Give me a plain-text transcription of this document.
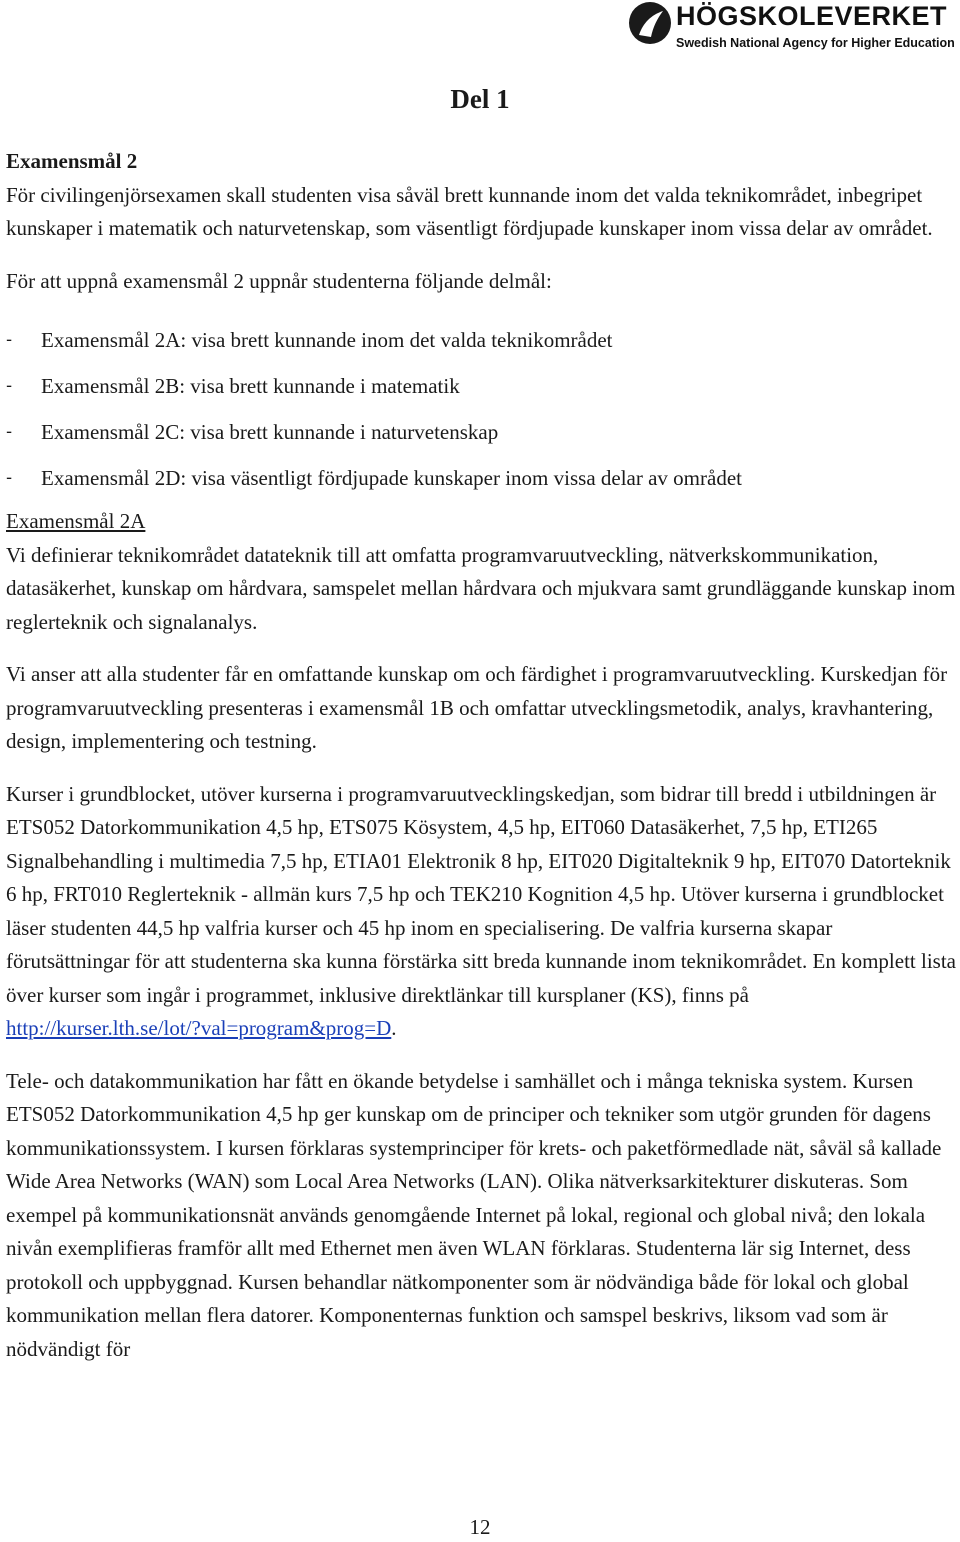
HÖGSKOLEVERKET
Swedish National Agency for Higher Education
Del 1

Examensmål 2

För civilingenjörsexamen skall studenten visa såväl brett kunnande inom det valda teknikområdet, inbegripet kunskaper i matematik och naturvetenskap, som väsentligt fördjupade kunskaper inom vissa delar av området.

För att uppnå examensmål 2 uppnår studenterna följande delmål:

- Examensmål 2A: visa brett kunnande inom det valda teknikområdet
- Examensmål 2B: visa brett kunnande i matematik
- Examensmål 2C: visa brett kunnande i naturvetenskap
- Examensmål 2D: visa väsentligt fördjupade kunskaper inom vissa delar av området

Examensmål 2A

Vi definierar teknikområdet datateknik till att omfatta programvaruutveckling, nätverkskommunikation, datasäkerhet, kunskap om hårdvara, samspelet mellan hårdvara och mjukvara samt grundläggande kunskap inom reglerteknik och signalanalys.

Vi anser att alla studenter får en omfattande kunskap om och färdighet i programvaruutveckling. Kurskedjan för programvaruutveckling presenteras i examensmål 1B och omfattar utvecklingsmetodik, analys, kravhantering, design, implementering och testning.

Kurser i grundblocket, utöver kurserna i programvaruutvecklingskedjan, som bidrar till bredd i utbildningen är ETS052 Datorkommunikation 4,5 hp, ETS075 Kösystem, 4,5 hp, EIT060 Datasäkerhet, 7,5 hp, ETI265 Signalbehandling i multimedia 7,5 hp, ETIA01 Elektronik 8 hp, EIT020 Digitalteknik 9 hp, EIT070 Datorteknik 6 hp, FRT010 Reglerteknik - allmän kurs 7,5 hp och TEK210 Kognition 4,5 hp. Utöver kurserna i grundblocket läser studenten 44,5 hp valfria kurser och 45 hp inom en specialisering. De valfria kurserna skapar förutsättningar för att studenterna ska kunna förstärka sitt breda kunnande inom teknikområdet. En komplett lista över kurser som ingår i programmet, inklusive direktlänkar till kursplaner (KS), finns på
http://kurser.lth.se/lot/?val=program&prog=D.

Tele- och datakommunikation har fått en ökande betydelse i samhället och i många tekniska system. Kursen ETS052 Datorkommunikation 4,5 hp ger kunskap om de principer och tekniker som utgör grunden för dagens kommunikationssystem. I kursen förklaras systemprinciper för krets- och paketförmedlade nät, såväl så kallade Wide Area Networks (WAN) som Local Area Networks (LAN). Olika nätverksarkitekturer diskuteras. Som exempel på kommunikationsnät används genomgående Internet på lokal, regional och global nivå; den lokala nivån exemplifieras framför allt med Ethernet men även WLAN förklaras. Studenterna lär sig Internet, dess protokoll och uppbyggnad. Kursen behandlar nätkomponenter som är nödvändiga både för lokal och global kommunikation mellan flera datorer. Komponenternas funktion och samspel beskrivs, liksom vad som är nödvändigt för

12
